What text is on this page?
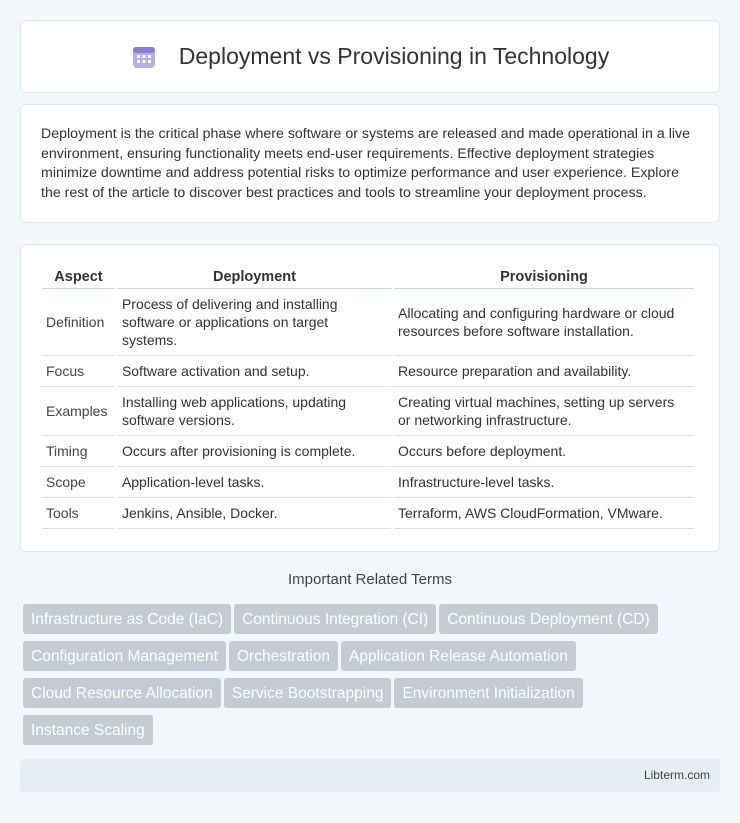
Deployment vs Provisioning in Technology

Deployment is the critical phase where software or systems are released and made operational in a live environment, ensuring functionality meets end-user requirements. Effective deployment strategies minimize downtime and address potential risks to optimize performance and user experience. Explore the rest of the article to discover best practices and tools to streamline your deployment process.

Aspect	Deployment	Provisioning
Definition	Process of delivering and installing software or applications on target systems.	Allocating and configuring hardware or cloud resources before software installation.
Focus	Software activation and setup.	Resource preparation and availability.
Examples	Installing web applications, updating software versions.	Creating virtual machines, setting up servers or networking infrastructure.
Timing	Occurs after provisioning is complete.	Occurs before deployment.
Scope	Application-level tasks.	Infrastructure-level tasks.
Tools	Jenkins, Ansible, Docker.	Terraform, AWS CloudFormation, VMware.
Important Related Terms
Infrastructure as Code (IaC) Continuous Integration (CI) Continuous Deployment (CD)
Configuration Management Orchestration Application Release Automation
Cloud Resource Allocation Service Bootstrapping Environment Initialization
Instance Scaling
Libterm.com
